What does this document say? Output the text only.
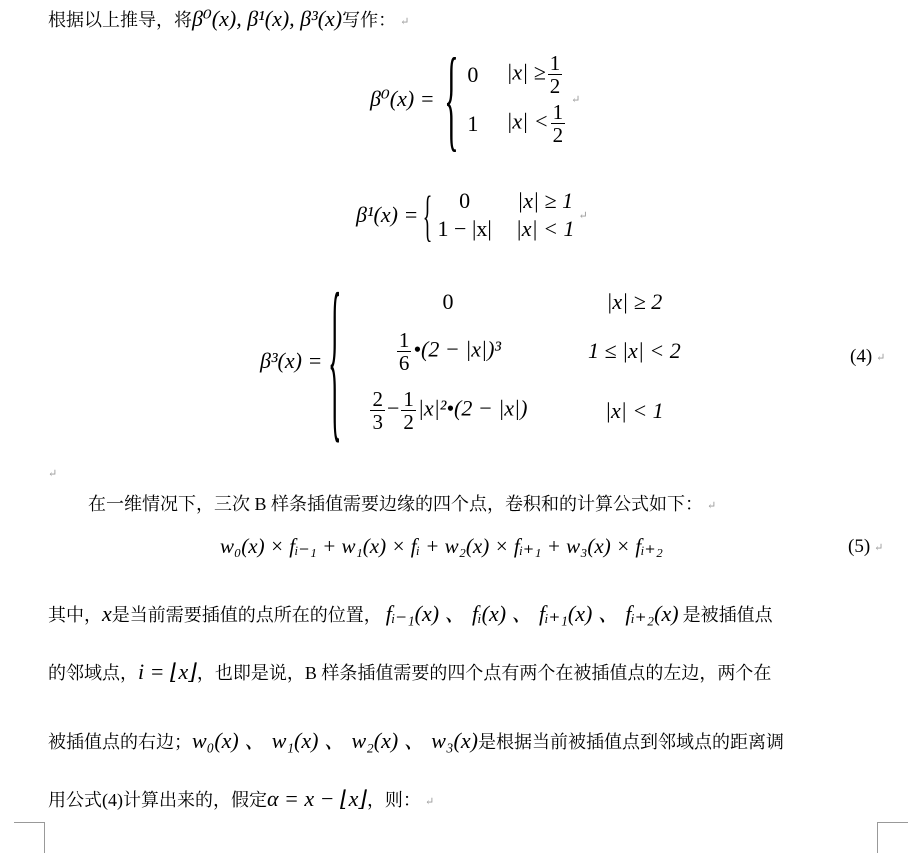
根据以上推导，将β⁰(x), β¹(x), β³(x)写作： ↵
β⁰(x) = { 0 $|x| \ge \frac{1}{2}$
1 $|x| < \frac{1}{2}$
↵
β¹(x) = { 0 |x| ≥ 1
1 − |x| |x| < 1
↵
β³(x) = {	0	|x| ≥ 2
$\frac{1}{6}$ •(2 − |x|)³	1 ≤ |x| < 2
$\frac{2}{3} - \frac{1}{2}$ |x|²•(2 − |x|)	|x| < 1
(4) ↵
↵
在一维情况下，三次 B 样条插值需要边缘的四个点，卷积和的计算公式如下： ↵
w₀(x) × fᵢ₋₁ + w₁(x) × fᵢ + w₂(x) × fᵢ₊₁ + w₃(x) × fᵢ₊₂	(5) ↵
其中，x是当前需要插值的点所在的位置， fᵢ₋₁(x) 、 fᵢ(x) 、 fᵢ₊₁(x) 、 fᵢ₊₂(x) 是被插值点
的邻域点，i = ⌊x⌋，也即是说，B 样条插值需要的四个点有两个在被插值点的左边，两个在
被插值点的右边；w₀(x) 、 w₁(x) 、 w₂(x) 、 w₃(x)是根据当前被插值点到邻域点的距离调
用公式(4)计算出来的，假定α = x − ⌊x⌋，则： ↵
